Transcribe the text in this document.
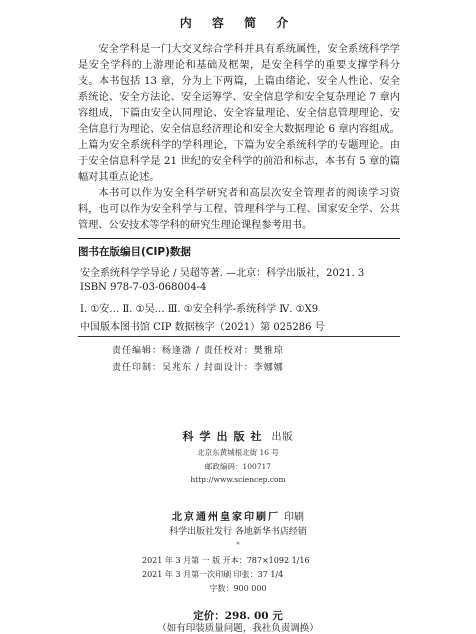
内 容 简 介

安全学科是一门大交叉综合学科并具有系统属性，安全系统科学学是安全学科的上游理论和基础及框架，是安全科学的重要支撑学科分支。本书包括 13 章，分为上下两篇，上篇由绪论、安全人性论、安全系统论、安全方法论、安全运筹学、安全信息学和安全复杂理论 7 章内容组成，下篇由安全认同理论、安全容量理论、安全信息管理理论、安全信息行为理论、安全信息经济理论和安全大数据理论 6 章内容组成。上篇为安全系统科学的学科理论，下篇为安全系统科学的专题理论。由于安全信息科学是 21 世纪的安全科学的前沿和标志，本书有 5 章的篇幅对其重点论述。

本书可以作为安全科学研究者和高层次安全管理者的阅读学习资料，也可以作为安全科学与工程、管理科学与工程、国家安全学、公共管理、公安技术等学科的研究生理论课程参考用书。

图书在版编目(CIP)数据
安全系统科学学导论 / 吴超等著. —北京：科学出版社，2021. 3
ISBN 978-7-03-068004-4
Ⅰ. ①安… Ⅱ. ①吴… Ⅲ. ①安全科学-系统科学 Ⅳ. ①X9
中国版本图书馆 CIP 数据核字（2021）第 025286 号
责任编辑：杨逢渤 / 责任校对：樊雅琼
责任印制：吴兆东 / 封面设计：李娜娜
科学出版社 出版
北京东黄城根北街 16 号
邮政编码：100717
http://www.sciencep.com
北京通州皇家印刷厂 印刷
科学出版社发行 各地新华书店经销
*
2021 年 3 月第 一 版 开本：787×1092 1/16
2021 年 3 月第一次印刷 印张：37 1/4
字数：900 000
定价：298. 00 元
（如有印装质量问题，我社负责调换）
